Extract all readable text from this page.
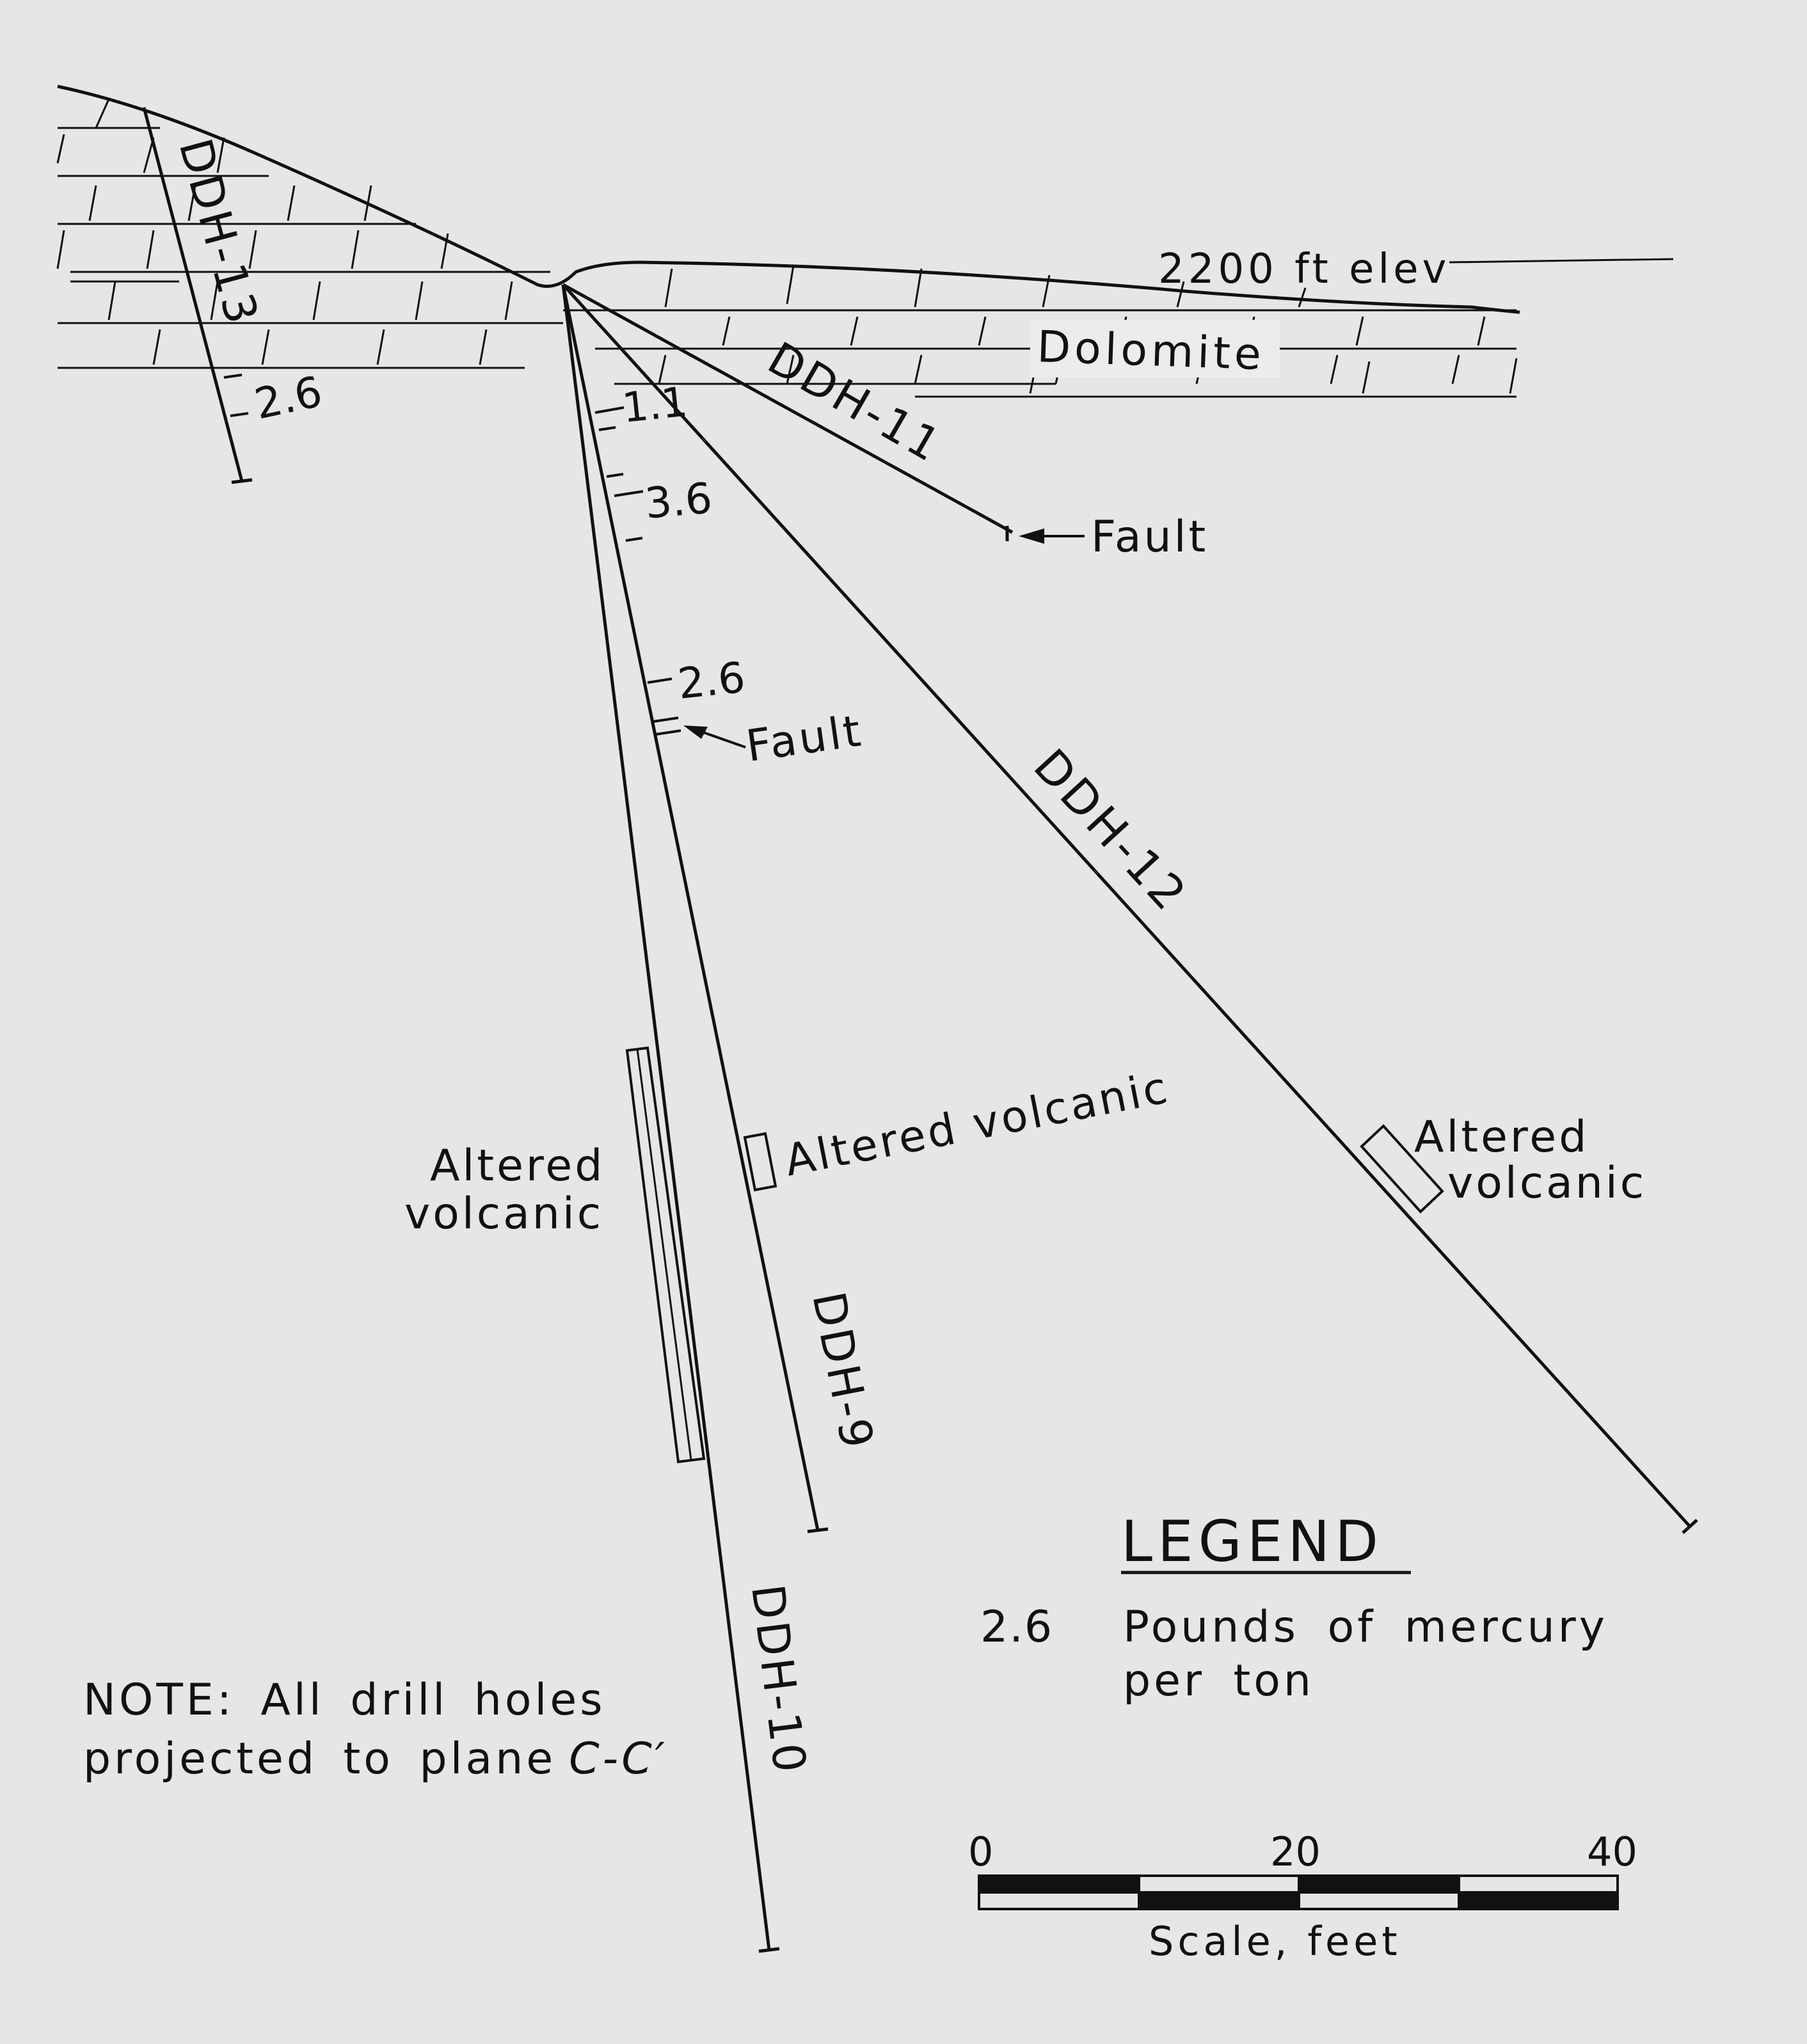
2200 ft elev
Dolomite
DDH-13
2.6
DDH-10
Altered
volcanic
DDH-9
Altered volcanic
1.1
3.6
2.6
Fault
DDH-11
Fault
DDH-12
Altered
volcanic
LEGEND
2.6 Pounds of mercury
per ton
NOTE: All drill holes
projected to plane C-C′
0	20	40
Scale, feet
